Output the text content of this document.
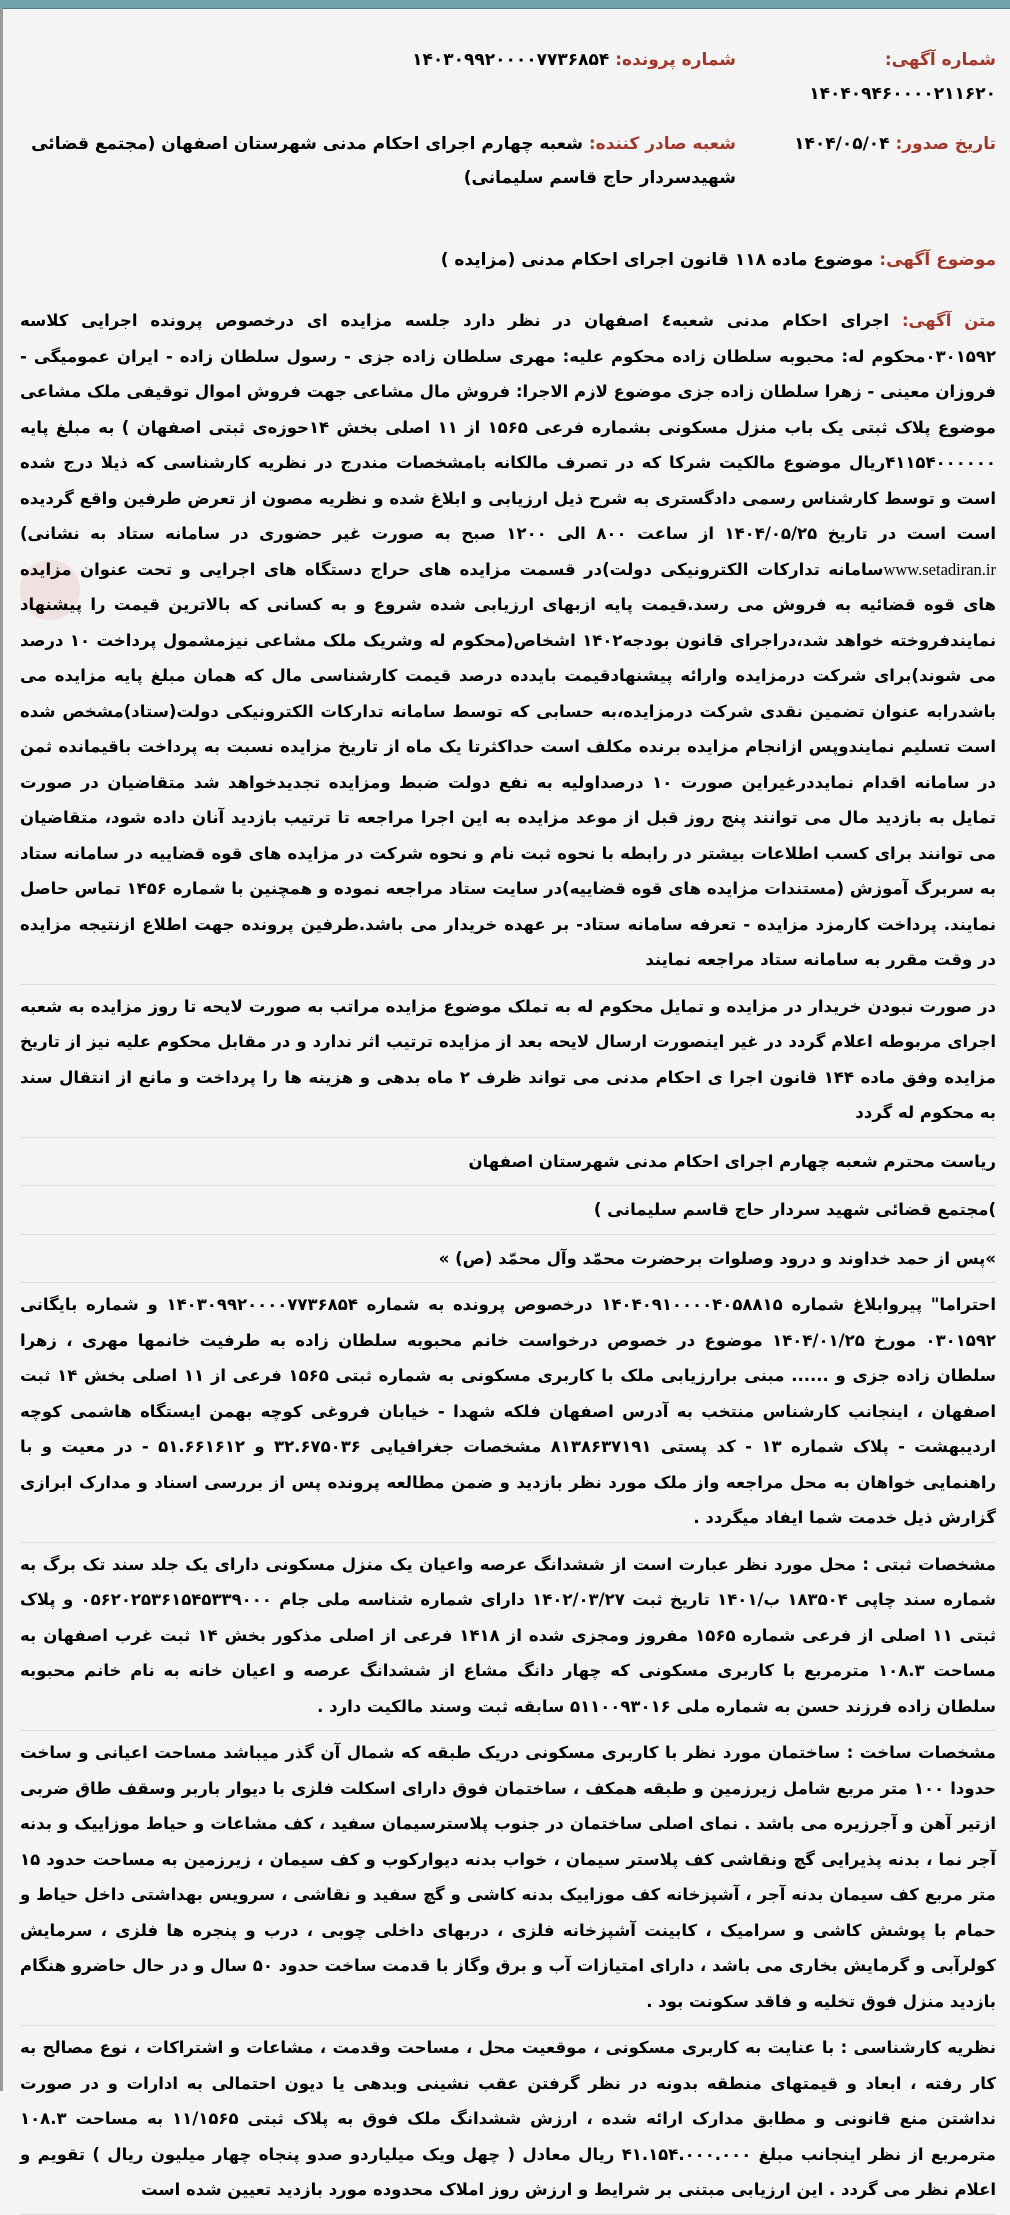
شماره آگهی: ۱۴۰۴۰۹۴۶۰۰۰۰۲۱۱۶۲۰
شماره پرونده: ۱۴۰۳۰۹۹۲۰۰۰۰۷۷۳۶۸۵۴
تاریخ صدور: ۱۴۰۴/۰۵/۰۴
شعبه صادر کننده: شعبه چهارم اجرای احکام مدنی شهرستان اصفهان (مجتمع قضائی شهیدسردار حاج قاسم سلیمانی)
موضوع آگهی: موضوع ماده ۱۱۸ قانون اجرای احکام مدنی (مزایده )
متن آگهی: اجرای احکام مدنی شعبه٤ اصفهان در نظر دارد جلسه مزایده ای درخصوص پرونده اجرایی کلاسه ۰۳۰۱۵۹۲محکوم له: محبوبه سلطان زاده محکوم علیه: مهری سلطان زاده جزی - رسول سلطان زاده - ایران عمومیگی - فروزان معینی - زهرا سلطان زاده جزی موضوع لازم الاجرا: فروش مال مشاعی جهت فروش اموال توقیفی ملک مشاعی موضوع پلاک ثبتی یک باب منزل مسکونی بشماره فرعی ۱۵۶۵ از ۱۱ اصلی بخش ۱۴حوزه‌ی ثبتی اصفهان ) به مبلغ پایه ۴۱۱۵۴۰۰۰۰۰۰ریال موضوع مالکیت شرکا که در تصرف مالکانه بامشخصات مندرج در نظریه کارشناسی که ذیلا درج شده است و توسط کارشناس رسمی دادگستری به شرح ذیل ارزیابی و ابلاغ شده و نظریه مصون از تعرض طرفین واقع گردیده است است در تاریخ ۱۴۰۴/۰۵/۲۵ از ساعت ۸۰۰ الی ۱۲۰۰ صبح به صورت غیر حضوری در سامانه ستاد به نشانی) www.setadiran.irسامانه تدارکات الکترونیکی دولت)در قسمت مزایده های حراج دستگاه های اجرایی و تحت عنوان مزایده های قوه قضائیه به فروش می رسد.قیمت پایه ازبهای ارزیابی شده شروع و به کسانی که بالاترین قیمت را پیشنهاد نمایندفروخته خواهد شد،دراجرای قانون بودجه۱۴۰۲ اشخاص(محکوم له وشریک ملک مشاعی نیزمشمول پرداخت ۱۰ درصد می شوند)برای شرکت درمزایده وارائه پیشنهادقیمت بایدده درصد قیمت کارشناسی مال که همان مبلغ پایه مزایده می باشدرابه عنوان تضمین نقدی شرکت درمزایده،به حسابی که توسط سامانه تدارکات الکترونیکی دولت(ستاد)مشخص شده است تسلیم نمایندوپس ازانجام مزایده برنده مکلف است حداکثرتا یک ماه از تاریخ مزایده نسبت به پرداخت باقیمانده ثمن در سامانه اقدام نمایددرغیراین صورت ۱۰ درصداولیه به نفع دولت ضبط ومزایده تجدیدخواهد شد متقاضیان در صورت تمایل به بازدید مال می توانند پنج روز قبل از موعد مزایده به این اجرا مراجعه تا ترتیب بازدید آنان داده شود، متقاضیان می توانند برای کسب اطلاعات بیشتر در رابطه با نحوه ثبت نام و نحوه شرکت در مزایده های قوه قضاییه در سامانه ستاد به سربرگ آموزش (مستندات مزایده های قوه قضاییه)در سایت ستاد مراجعه نموده و همچنین با شماره ۱۴۵۶ تماس حاصل نمایند. پرداخت کارمزد مزایده - تعرفه سامانه ستاد- بر عهده خریدار می باشد.طرفین پرونده جهت اطلاع ازنتیجه مزایده در وقت مقرر به سامانه ستاد مراجعه نمایند
در صورت نبودن خریدار در مزایده و تمایل محکوم له به تملک موضوع مزایده مراتب به صورت لایحه تا روز مزایده به شعبه اجرای مربوطه اعلام گردد در غیر اینصورت ارسال لایحه بعد از مزایده ترتیب اثر ندارد و در مقابل محکوم علیه نیز از تاریخ مزایده وفق ماده ۱۴۴ قانون اجرا ی احکام مدنی می تواند ظرف ۲ ماه بدهی و هزینه ها را پرداخت و مانع از انتقال سند به محکوم له گردد
ریاست محترم شعبه چهارم اجرای احکام مدنی شهرستان اصفهان
)مجتمع قضائی شهید سردار حاج قاسم سلیمانی )
»پس از حمد خداوند و درود وصلوات برحضرت محمّد وآل محمّد (ص) »
احتراما" پیروابلاغ شماره ۱۴۰۴۰۹۱۰۰۰۰۴۰۵۸۸۱۵ درخصوص پرونده به شماره ۱۴۰۳۰۹۹۲۰۰۰۰۷۷۳۶۸۵۴ و شماره بایگانی ۰۳۰۱۵۹۲ مورخ ۱۴۰۴/۰۱/۲۵ موضوع در خصوص درخواست خانم محبوبه سلطان زاده به طرفیت خانمها مهری ، زهرا سلطان زاده جزی و ...... مبنی برارزیابی ملک با کاربری مسکونی به شماره ثبتی ۱۵۶۵ فرعی از ۱۱ اصلی بخش ۱۴ ثبت اصفهان ، اینجانب کارشناس منتخب به آدرس اصفهان فلکه شهدا - خیابان فروغی کوچه بهمن ایستگاه هاشمی کوچه اردیبهشت - پلاک شماره ۱۳ - کد پستی ۸۱۳۸۶۳۷۱۹۱ مشخصات جغرافیایی ۳۲.۶۷۵۰۳۶ و ۵۱.۶۶۱۶۱۲ - در معیت و با راهنمایی خواهان به محل مراجعه واز ملک مورد نظر بازدید و ضمن مطالعه پرونده پس از بررسی اسناد و مدارک ابرازی گزارش ذیل خدمت شما ایفاد میگردد .
مشخصات ثبتی : محل مورد نظر عبارت است از ششدانگ عرصه واعیان یک منزل مسکونی دارای یک جلد سند تک برگ به شماره سند چاپی ۱۸۳۵۰۴ ب/۱۴۰۱ تاریخ ثبت ۱۴۰۲/۰۳/۲۷ دارای شماره شناسه ملی جام ۰۵۶۲۰۲۵۳۶۱۵۴۵۳۳۹۰۰۰ و پلاک ثبتی ۱۱ اصلی از فرعی شماره ۱۵۶۵ مفروز ومجزی شده از ۱۴۱۸ فرعی از اصلی مذکور بخش ۱۴ ثبت غرب اصفهان به مساحت ۱۰۸.۳ مترمربع با کاربری مسکونی که چهار دانگ مشاع از ششدانگ عرصه و اعیان خانه به نام خانم محبوبه سلطان زاده فرزند حسن به شماره ملی ۵۱۱۰۰۹۳۰۱۶ سابقه ثبت وسند مالکیت دارد .
مشخصات ساخت : ساختمان مورد نظر با کاربری مسکونی دریک طبقه که شمال آن گذر میباشد مساحت اعیانی و ساخت حدودا ۱۰۰ متر مربع شامل زیرزمین و طبقه همکف ، ساختمان فوق دارای اسکلت فلزی با دیوار باربر وسقف طاق ضربی ازتیر آهن و آجرزیره می باشد . نمای اصلی ساختمان در جنوب پلاسترسیمان سفید ، کف مشاعات و حیاط موزاییک و بدنه آجر نما ، بدنه پذیرایی گچ ونقاشی کف پلاستر سیمان ، خواب بدنه دیوارکوب و کف سیمان ، زیرزمین به مساحت حدود ۱۵ متر مربع کف سیمان بدنه آجر ، آشپزخانه کف موزاییک بدنه کاشی و گچ سفید و نقاشی ، سرویس بهداشتی داخل حیاط و حمام با پوشش کاشی و سرامیک ، کابینت آشپزخانه فلزی ، دربهای داخلی چوبی ، درب و پنجره ها فلزی ، سرمایش کولرآبی و گرمایش بخاری می باشد ، دارای امتیازات آب و برق وگاز با قدمت ساخت حدود ۵۰ سال و در حال حاضرو هنگام بازدید منزل فوق تخلیه و فاقد سکونت بود .
نظریه کارشناسی : با عنایت به کاربری مسکونی ، موقعیت محل ، مساحت وقدمت ، مشاعات و اشتراکات ، نوع مصالح به کار رفته ، ابعاد و قیمتهای منطقه بدونه در نظر گرفتن عقب نشینی وبدهی یا دیون احتمالی به ادارات و در صورت نداشتن منع قانونی و مطابق مدارک ارائه شده ، ارزش ششدانگ ملک فوق به پلاک ثبتی ۱۱/۱۵۶۵ به مساحت ۱۰۸.۳ مترمربع از نظر اینجانب مبلغ ۴۱.۱۵۴.۰۰۰.۰۰۰ ریال معادل ( چهل ویک میلیاردو صدو پنجاه چهار میلیون ریال ) تقویم و اعلام نظر می گردد . این ارزیابی مبتنی بر شرایط و ارزش روز املاک محدوده مورد بازدید تعیین شده است
